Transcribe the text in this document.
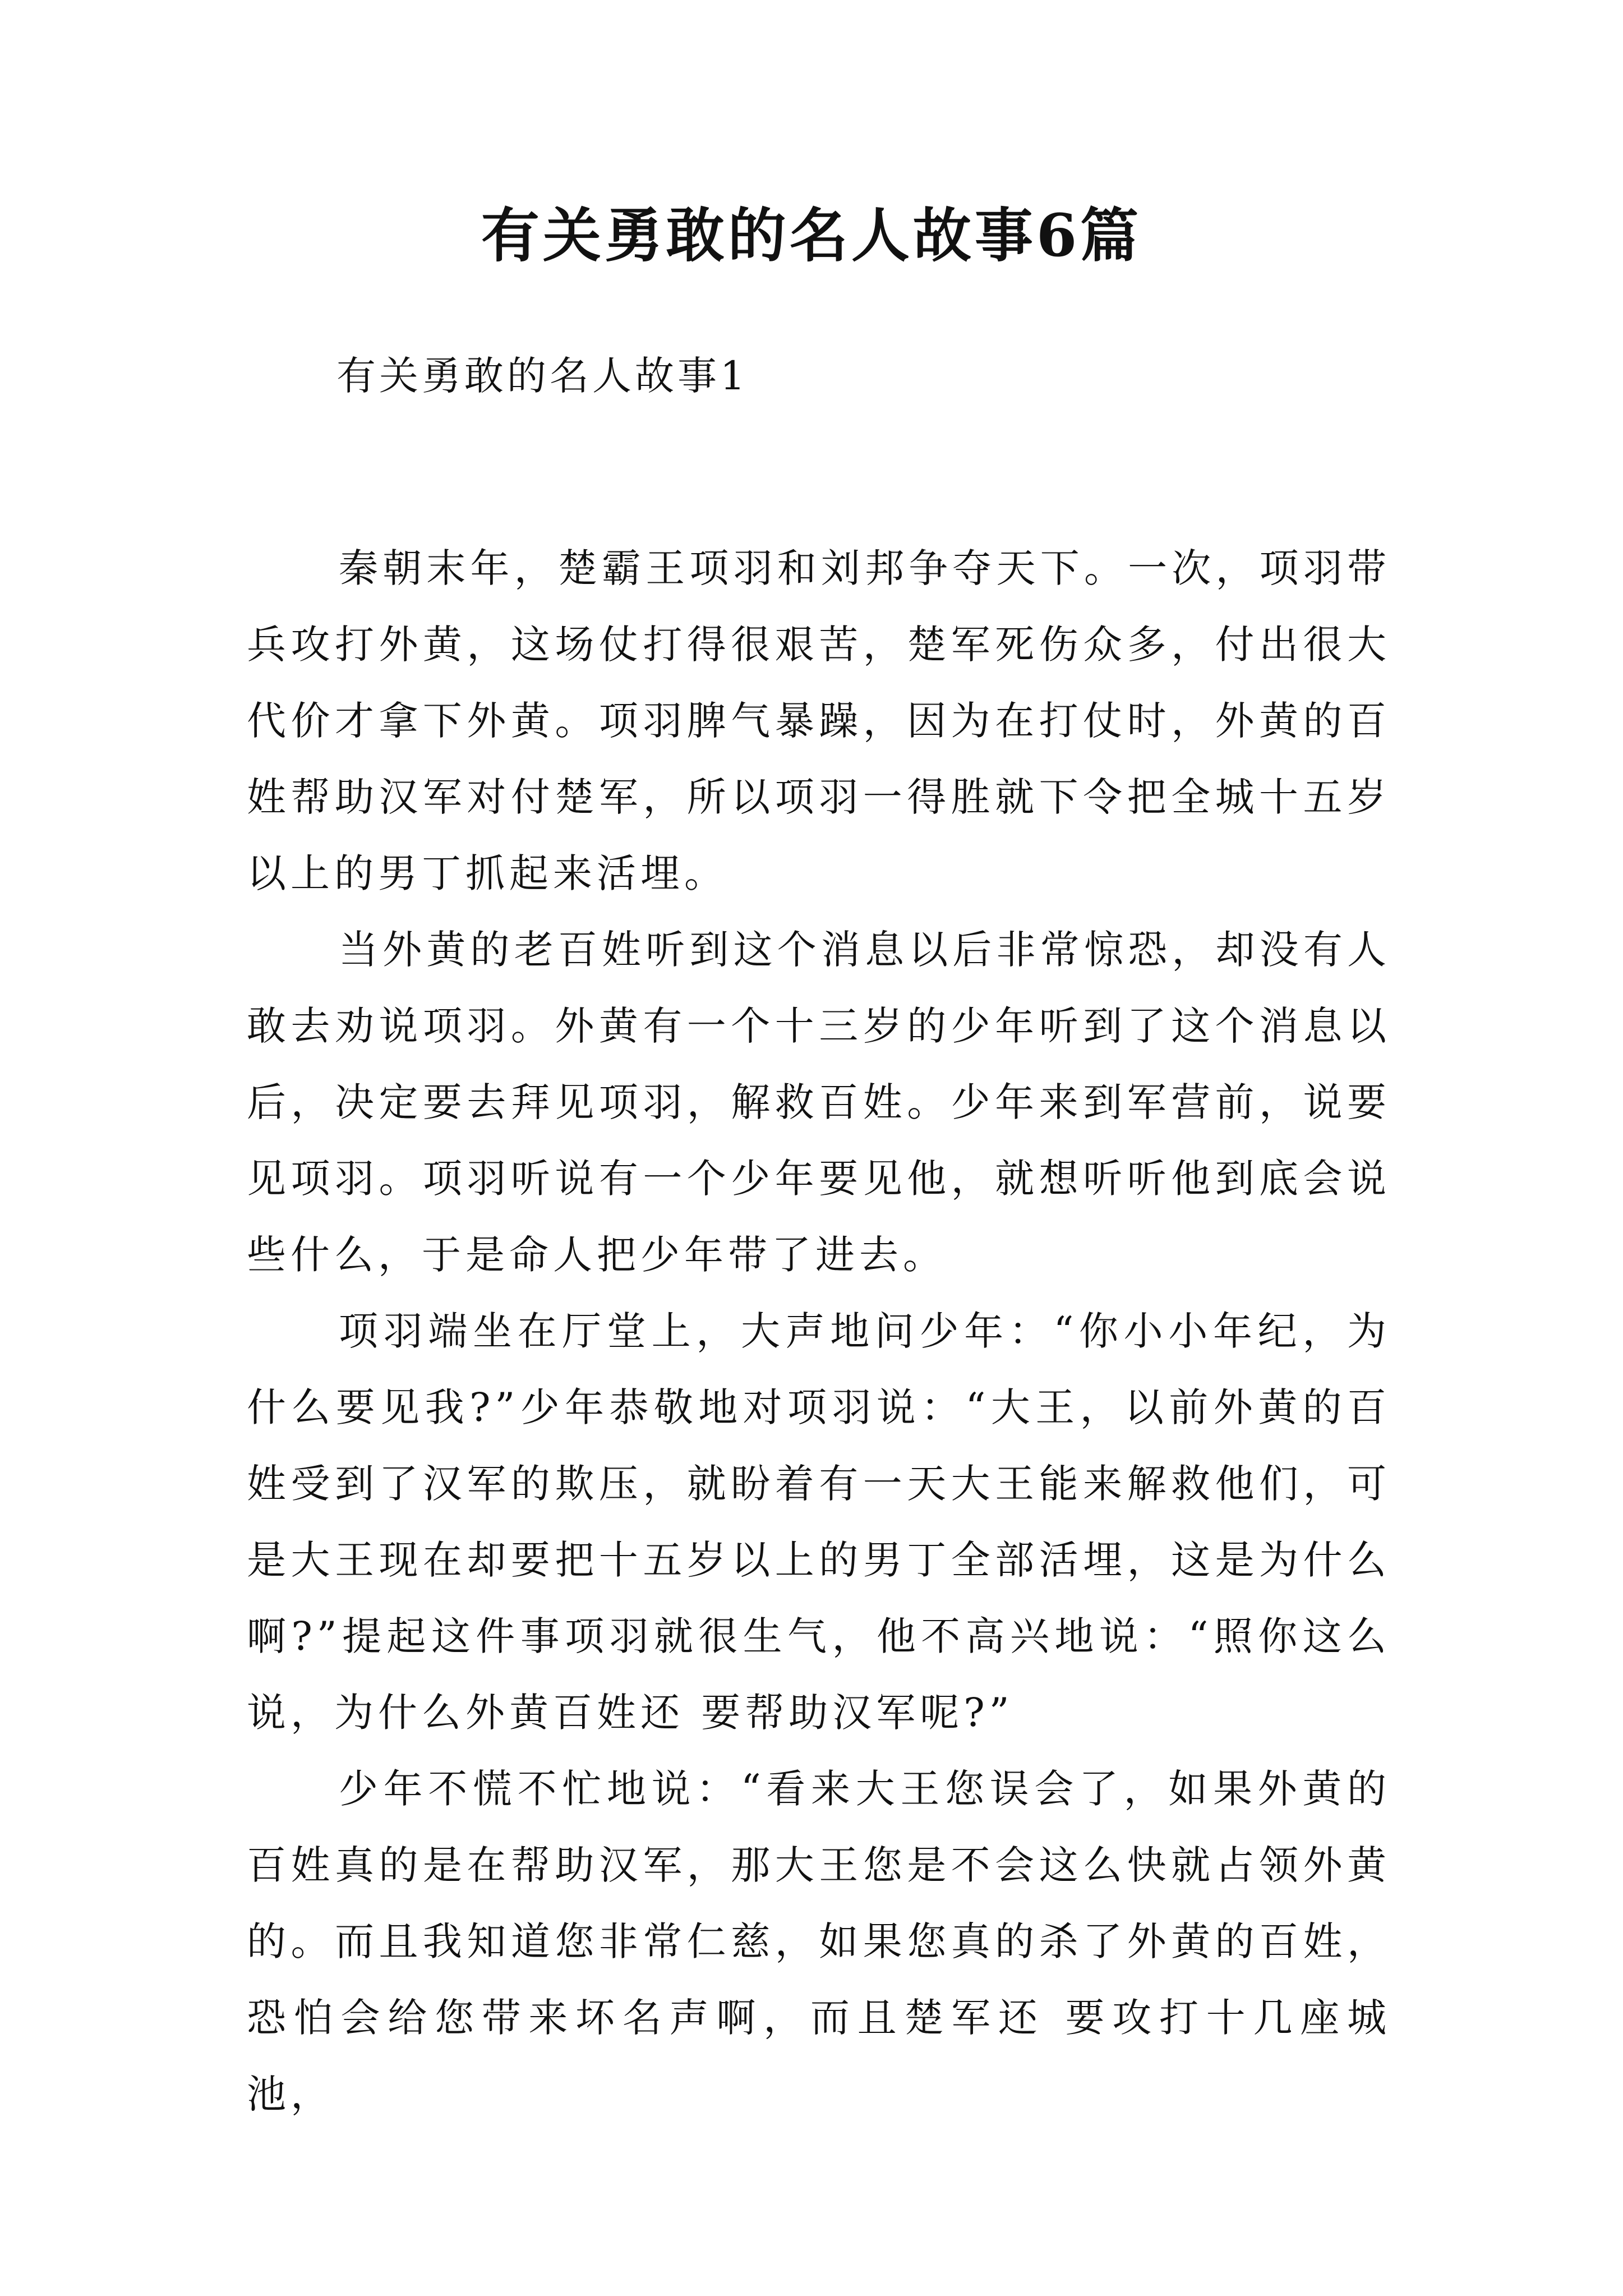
有关勇敢的名人故事6篇
有关勇敢的名人故事1

秦朝末年，楚霸王项羽和刘邦争夺天下。一次，项羽带兵攻打外黄，这场仗打得很艰苦，楚军死伤众多，付出很大代价才拿下外黄。项羽脾气暴躁，因为在打仗时，外黄的百姓帮助汉军对付楚军，所以项羽一得胜就下令把全城十五岁以上的男丁抓起来活埋。

当外黄的老百姓听到这个消息以后非常惊恐，却没有人敢去劝说项羽。外黄有一个十三岁的少年听到了这个消息以后，决定要去拜见项羽，解救百姓。少年来到军营前，说要见项羽。项羽听说有一个少年要见他，就想听听他到底会说些什么，于是命人把少年带了进去。

项羽端坐在厅堂上，大声地问少年：“你小小年纪，为什么要见我?”少年恭敬地对项羽说：“大王，以前外黄的百姓受到了汉军的欺压，就盼着有一天大王能来解救他们，可是大王现在却要把十五岁以上的男丁全部活埋，这是为什么啊?”提起这件事项羽就很生气，他不高兴地说：“照你这么说，为什么外黄百姓还 要帮助汉军呢?”

少年不慌不忙地说：“看来大王您误会了，如果外黄的百姓真的是在帮助汉军，那大王您是不会这么快就占领外黄的。而且我知道您非常仁慈，如果您真的杀了外黄的百姓，恐怕会给您带来坏名声啊，而且楚军还 要攻打十几座城池，
